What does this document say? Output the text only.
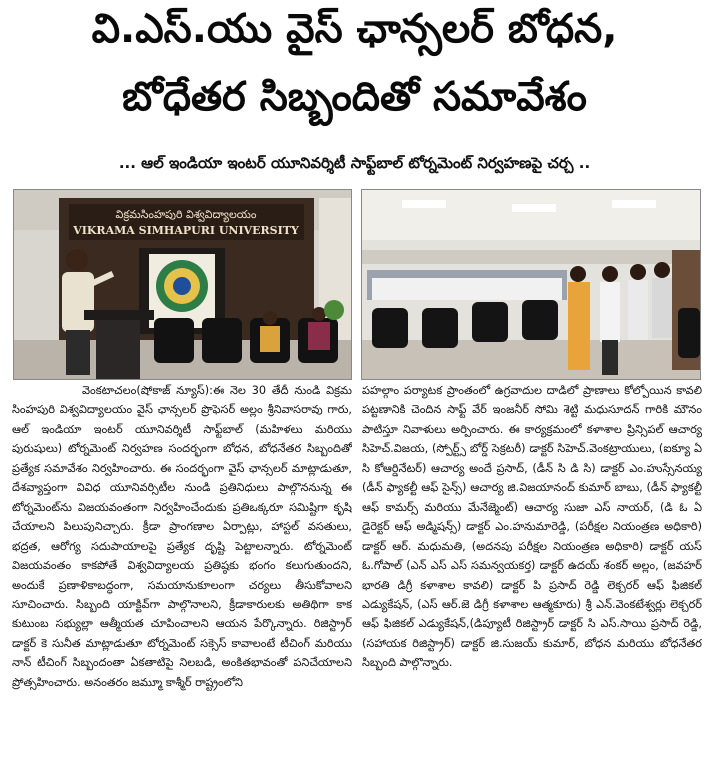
వి.ఎస్.యు వైస్ ఛాన్సలర్ బోధన,
బోధేతర సిబ్బందితో సమావేశం
... ఆల్ ఇండియా ఇంటర్ యూనివర్శిటీ సాఫ్ట్‌బాల్ టోర్నమెంట్ నిర్వహణపై చర్చ ..
విక్రమసింహపురి విశ్వవిద్యాలయం
VIKRAMA SIMHAPURI UNIVERSITY

వెంకటాచలం(షోకాజ్ న్యూస్):ఈ నెల 30 తేదీ నుండి విక్రమ సింహపురి విశ్వవిద్యాలయం వైస్ ఛాన్సలర్ ప్రొఫెసర్ అల్లం శ్రీనివాసరావు గారు, ఆల్ ఇండియా ఇంటర్ యూనివర్శిటీ సాఫ్ట్‌బాల్ (మహిళలు మరియు పురుషులు) టోర్నమెంట్ నిర్వహణ సందర్భంగా బోధన, బోధనేతర సిబ్బందితో ప్రత్యేక సమావేశం నిర్వహించారు. ఈ సందర్భంగా వైస్ ఛాన్సలర్ మాట్లాడుతూ, దేశవ్యాప్తంగా వివిధ యూనివర్సిటీల నుండి ప్రతినిధులు పాల్గొననున్న ఈ టోర్నమెంట్‌ను విజయవంతంగా నిర్వహించేందుకు ప్రతిఒక్కరూ సమిష్టిగా కృషి చేయాలని పిలుపునిచ్చారు. క్రీడా ప్రాంగణాల ఏర్పాట్లు, హాస్టల్ వసతులు, భద్రత, ఆరోగ్య సదుపాయాలపై ప్రత్యేక దృష్టి పెట్టాలన్నారు. టోర్నమెంట్ విజయవంతం కాకపోతే విశ్వవిద్యాలయ ప్రతిష్ఠకు భంగం కలుగుతుందని, అందుకే ప్రణాళికాబద్ధంగా, సమయానుకూలంగా చర్యలు తీసుకోవాలని సూచించారు. సిబ్బంది యాక్టివ్‌గా పాల్గొనాలని, క్రీడాకారులకు అతిథిగా కాక కుటుంబ సభ్యుల్లా ఆత్మీయత చూపించాలని ఆయన పేర్కొన్నారు. రిజిస్ట్రార్ డాక్టర్ కె సునీత మాట్లాడుతూ టోర్నమెంట్ సక్సెస్ కావాలంటే టీచింగ్ మరియు నాన్ టీచింగ్ సిబ్బందంతా ఏకతాటిపై నిలబడి, అంకితభావంతో పనిచేయాలని ప్రోత్సహించారు. అనంతరం జమ్మూ కాశ్మీర్ రాష్ట్రంలోని

పహల్గాం పర్యాటక ప్రాంతంలో ఉగ్రవాదుల దాడిలో ప్రాణాలు కోల్పోయిన కావలి పట్టణానికి చెందిన సాఫ్ట్ వేర్ ఇంజనీర్ సోమి శెట్టి మధుసూదన్ గారికి మౌనం పాటిస్తూ నివాళులు అర్పించారు. ఈ కార్యక్రమంలో కళాశాల ప్రిన్సిపల్ ఆచార్య సిహెచ్.విజయ, (స్పోర్ట్స్ బోర్డ్ సెక్రటరీ) డాక్టర్ సిహెచ్.వెంకట్రాయులు, (ఐక్యూ ఏ సి కోఆర్డినేటర్) ఆచార్య అందే ప్రసాద్, (డీన్ సి డి సి) డాక్టర్ ఎం.హుస్సేనయ్య (డీన్ ఫ్యాకల్టీ ఆఫ్ సైన్స్) ఆచార్య జి.విజయానంద్ కుమార్ బాబు, (డీన్ ఫ్యాకల్టీ ఆఫ్ కామర్స్ మరియు మేనేజ్మెంట్) ఆచార్య సుజా ఎస్ నాయర్, (డి ఓ ఏ డైరెక్టర్ ఆఫ్ అడ్మిషన్స్) డాక్టర్ ఎం.హనుమారెడ్డి, (పరీక్షల నియంత్రణ అధికారి) డాక్టర్ ఆర్. మధుమతి, (అదనపు పరీక్షల నియంత్రణ అధికారి) డాక్టర్ యస్ ఓ.గోపాల్ (ఎన్ ఎస్ ఎస్ సమన్వయకర్త) డాక్టర్ ఉదయ్ శంకర్ అల్లం, (జవహర్ భారతి డిగ్రీ కళాశాల కావలి) డాక్టర్ పి ప్రసాద్ రెడ్డి లెక్చరర్ ఆఫ్ ఫిజికల్ ఎడ్యుకేషన్, (ఎస్ ఆర్.జె డిగ్రీ కళాశాల ఆత్మకూరు) శ్రీ ఎన్.వెంకటేశ్వర్లు లెక్చరర్ ఆఫ్ ఫిజికల్ ఎడ్యుకేషన్,(డిప్యూటీ రిజిస్ట్రార్ డాక్టర్ సి ఎస్.సాయి ప్రసాద్ రెడ్డి, (సహాయక రిజిస్ట్రార్) డాక్టర్ జి.సుజయ్ కుమార్, బోధన మరియు బోధనేతర సిబ్బంది పాల్గొన్నారు.
